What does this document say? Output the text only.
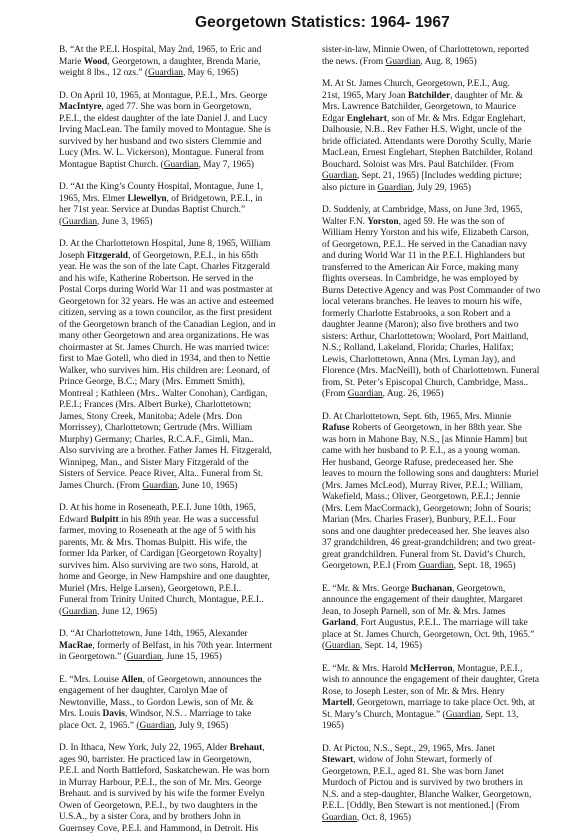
Georgetown Statistics: 1964- 1967
B. “At the P.E.I. Hospital, May 2nd, 1965, to Eric and
Marie Wood, Georgetown, a daughter, Brenda Marie,
weight 8 lbs., 12 ozs.” (Guardian, May 6, 1965)
D. On April 10, 1965, at Montague, P.E.I., Mrs. George
MacIntyre, aged 77. She was born in Georgetown,
P.E.I., the eldest daughter of the late Daniel J. and Lucy
Irving MacLean. The family moved to Montague. She is
survived by her husband and two sisters Clemmie and
Lucy (Mrs. W. L. Vickerson), Montague. Funeral from
Montague Baptist Church. (Guardian, May 7, 1965)
D. “At the King’s County Hospital, Montague, June 1,
1965, Mrs. Elmer Llewellyn, of Bridgetown, P.E.I., in
her 71st year. Service at Dundas Baptist Church.”
(Guardian, June 3, 1965)
D. At the Charlottetown Hospital, June 8, 1965, William
Joseph Fitzgerald, of Georgetown, P.E.I., in his 65th
year. He was the son of the late Capt. Charles Fitzgerald
and his wife, Katherine Robertson. He served in the
Postal Corps during World War 11 and was postmaster at
Georgetown for 32 years. He was an active and esteemed
citizen, serving as a town councilor, as the first president
of the Georgetown branch of the Canadian Legion, and in
many other Georgetown and area organizations. He was
choirmaster at St. James Church. He was married twice:
first to Mae Gotell, who died in 1934, and then to Nettie
Walker, who survives him. His children are: Leonard, of
Prince George, B.C.; Mary (Mrs. Emmett Smith),
Montreal ; Kathleen (Mrs.. Walter Conohan), Cardigan,
P.E.I.; Frances (Mrs. Albert Burke), Charlottetown;
James, Stony Creek, Manitoba; Adele (Mrs. Don
Morrissey), Charlottetown; Gertrude (Mrs. William
Murphy) Germany; Charles, R.C.A.F., Gimli, Man..
Also surviving are a brother. Father James H. Fitzgerald,
Winnipeg, Man., and Sister Mary Fitzgerald of the
Sisters of Service. Peace River, Alta.. Funeral from St.
James Church. (From Guardian, June 10, 1965)
D. At his home in Roseneath, P.E.I. June 10th, 1965,
Edward Bulpitt in his 89th year. He was a successful
farmer, moving to Roseneath at the age of 5 with his
parents, Mr. & Mrs. Thomas Bulpitt. His wife, the
former Ida Parker, of Cardigan [Georgetown Royalty]
survives him. Also surviving are two sons, Harold, at
home and George, in New Hampshire and one daughter,
Muriel (Mrs. Helge Larsen), Georgetown, P.E.I..
Funeral from Trinity United Church, Montague, P.E.I..
(Guardian, June 12, 1965)
D. “At Charlottetown, June 14th, 1965, Alexander
MacRae, formerly of Belfast, in his 70th year. Interment
in Georgetown.” (Guardian, June 15, 1965)
E. “Mrs. Louise Allen, of Georgetown, announces the
engagement of her daughter, Carolyn Mae of
Newtonville, Mass., to Gordon Lewis, son of Mr. &
Mrs. Louis Davis, Windsor, N.S. . Marriage to take
place Oct. 2, 1965.” (Guardian, July 9, 1965)
D. In Ithaca, New York, July 22, 1965, Alder Brehaut,
ages 90, barrister. He practiced law in Georgetown,
P.E.I. and North Battleford, Saskatchewan. He was born
in Murray Harbour, P.E.I., the son of Mr. Mrs. George
Brehaut. and is survived by his wife the former Evelyn
Owen of Georgetown, P.E.I., by two daughters in the
U.S.A., by a sister Cora, and by brothers John in
Guernsey Cove, P.E.I. and Hammond, in Detroit. His
sister-in-law, Minnie Owen, of Charlottetown, reported
the news. (From Guardian, Aug. 8, 1965)
M. At St. James Church, Georgetown, P.E.I., Aug.
21st, 1965, Mary Joan Batchilder, daughter of Mr. &
Mrs. Lawrence Batchilder, Georgetown, to Maurice
Edgar Englehart, son of Mr. & Mrs. Edgar Englehart,
Dalhousie, N.B.. Rev Father H.S. Wight, uncle of the
bride officiated. Attendants were Dorothy Scully, Marie
MacLean, Ernest Englehart, Stephen Batchilder, Roland
Bouchard. Soloist was Mrs. Paul Batchilder. (From
Guardian, Sept. 21, 1965) [Includes wedding picture;
also picture in Guardian, July 29, 1965)
D. Suddenly, at Cambridge, Mass, on June 3rd, 1965,
Walter F.N. Yorston, aged 59. He was the son of
William Henry Yorston and his wife, Elizabeth Carson,
of Georgetown, P.E.I.. He served in the Canadian navy
and during World War 11 in the P.E.I. Highlanders but
transferred to the American Air Force, making many
flights overseas. In Cambridge, he was employed by
Burns Detective Agency and was Post Commander of two
local veterans branches. He leaves to mourn his wife,
formerly Charlotte Estabrooks, a son Robert and a
daughter Jeanne (Maron); also five brothers and two
sisters: Arthur, Charlottetown; Woolard, Port Maitland,
N.S.; Rolland, Lakeland, Florida; Charles, Halifax;
Lewis, Charlottetown, Anna (Mrs. Lyman Jay), and
Florence (Mrs. MacNeill), both of Charlottetown. Funeral
from, St. Peter’s Episcopal Church, Cambridge, Mass..
(From Guardian, Aug. 26, 1965)
D. At Charlottetown, Sept. 6th, 1965, Mrs. Minnie
Rafuse Roberts of Georgetown, in her 88th year. She
was born in Mahone Bay, N.S., [as Minnie Hamm] but
came with her husband to P. E.I., as a young woman.
Her husband, George Rafuse, predeceased her. She
leaves to mourn the following sons and daughters: Muriel
(Mrs. James McLeod), Murray River, P.E.I.; William,
Wakefield, Mass.; Oliver, Georgetown, P.E.I.; Jennie
(Mrs. Lem MacCormack), Georgetown; John of Souris;
Marian (Mrs. Charles Fraser), Bunbury, P.E.I.. Four
sons and one daughter predeceased her. She leaves also
37 grandchildren, 46 great-grandchildren; and two great-
great grandchildren. Funeral from St. David’s Church,
Georgetown, P.E.I (From Guardian, Sept. 18, 1965)
E. “Mr. & Mrs. George Buchanan, Georgetown,
announce the engagement of their daughter, Margaret
Jean, to Joseph Parnell, son of Mr. & Mrs. James
Garland, Fort Augustus, P.E.I.. The marriage will take
place at St. James Church, Georgetown, Oct. 9th, 1965.”
(Guardian, Sept. 14, 1965)
E. “Mr. & Mrs. Harold McHerron, Montague, P.E.I.,
wish to announce the engagement of their daughter, Greta
Rose, to Joseph Lester, son of Mr. & Mrs. Henry
Martell, Georgetown, marriage to take place Oct. 9th, at
St. Mary’s Church, Montague.” (Guardian, Sept. 13,
1965)
D. At Pictou, N.S., Sept., 29, 1965, Mrs. Janet
Stewart, widow of John Stewart, formerly of
Georgetown, P.E.I., aged 81. She was born Janet
Murdoch of Pictou and is survived by two brothers in
N.S. and a step-daughter, Blanche Walker, Georgetown,
P.E.I.. [Oddly, Ben Stewart is not mentioned.] (From
Guardian, Oct. 8, 1965)
